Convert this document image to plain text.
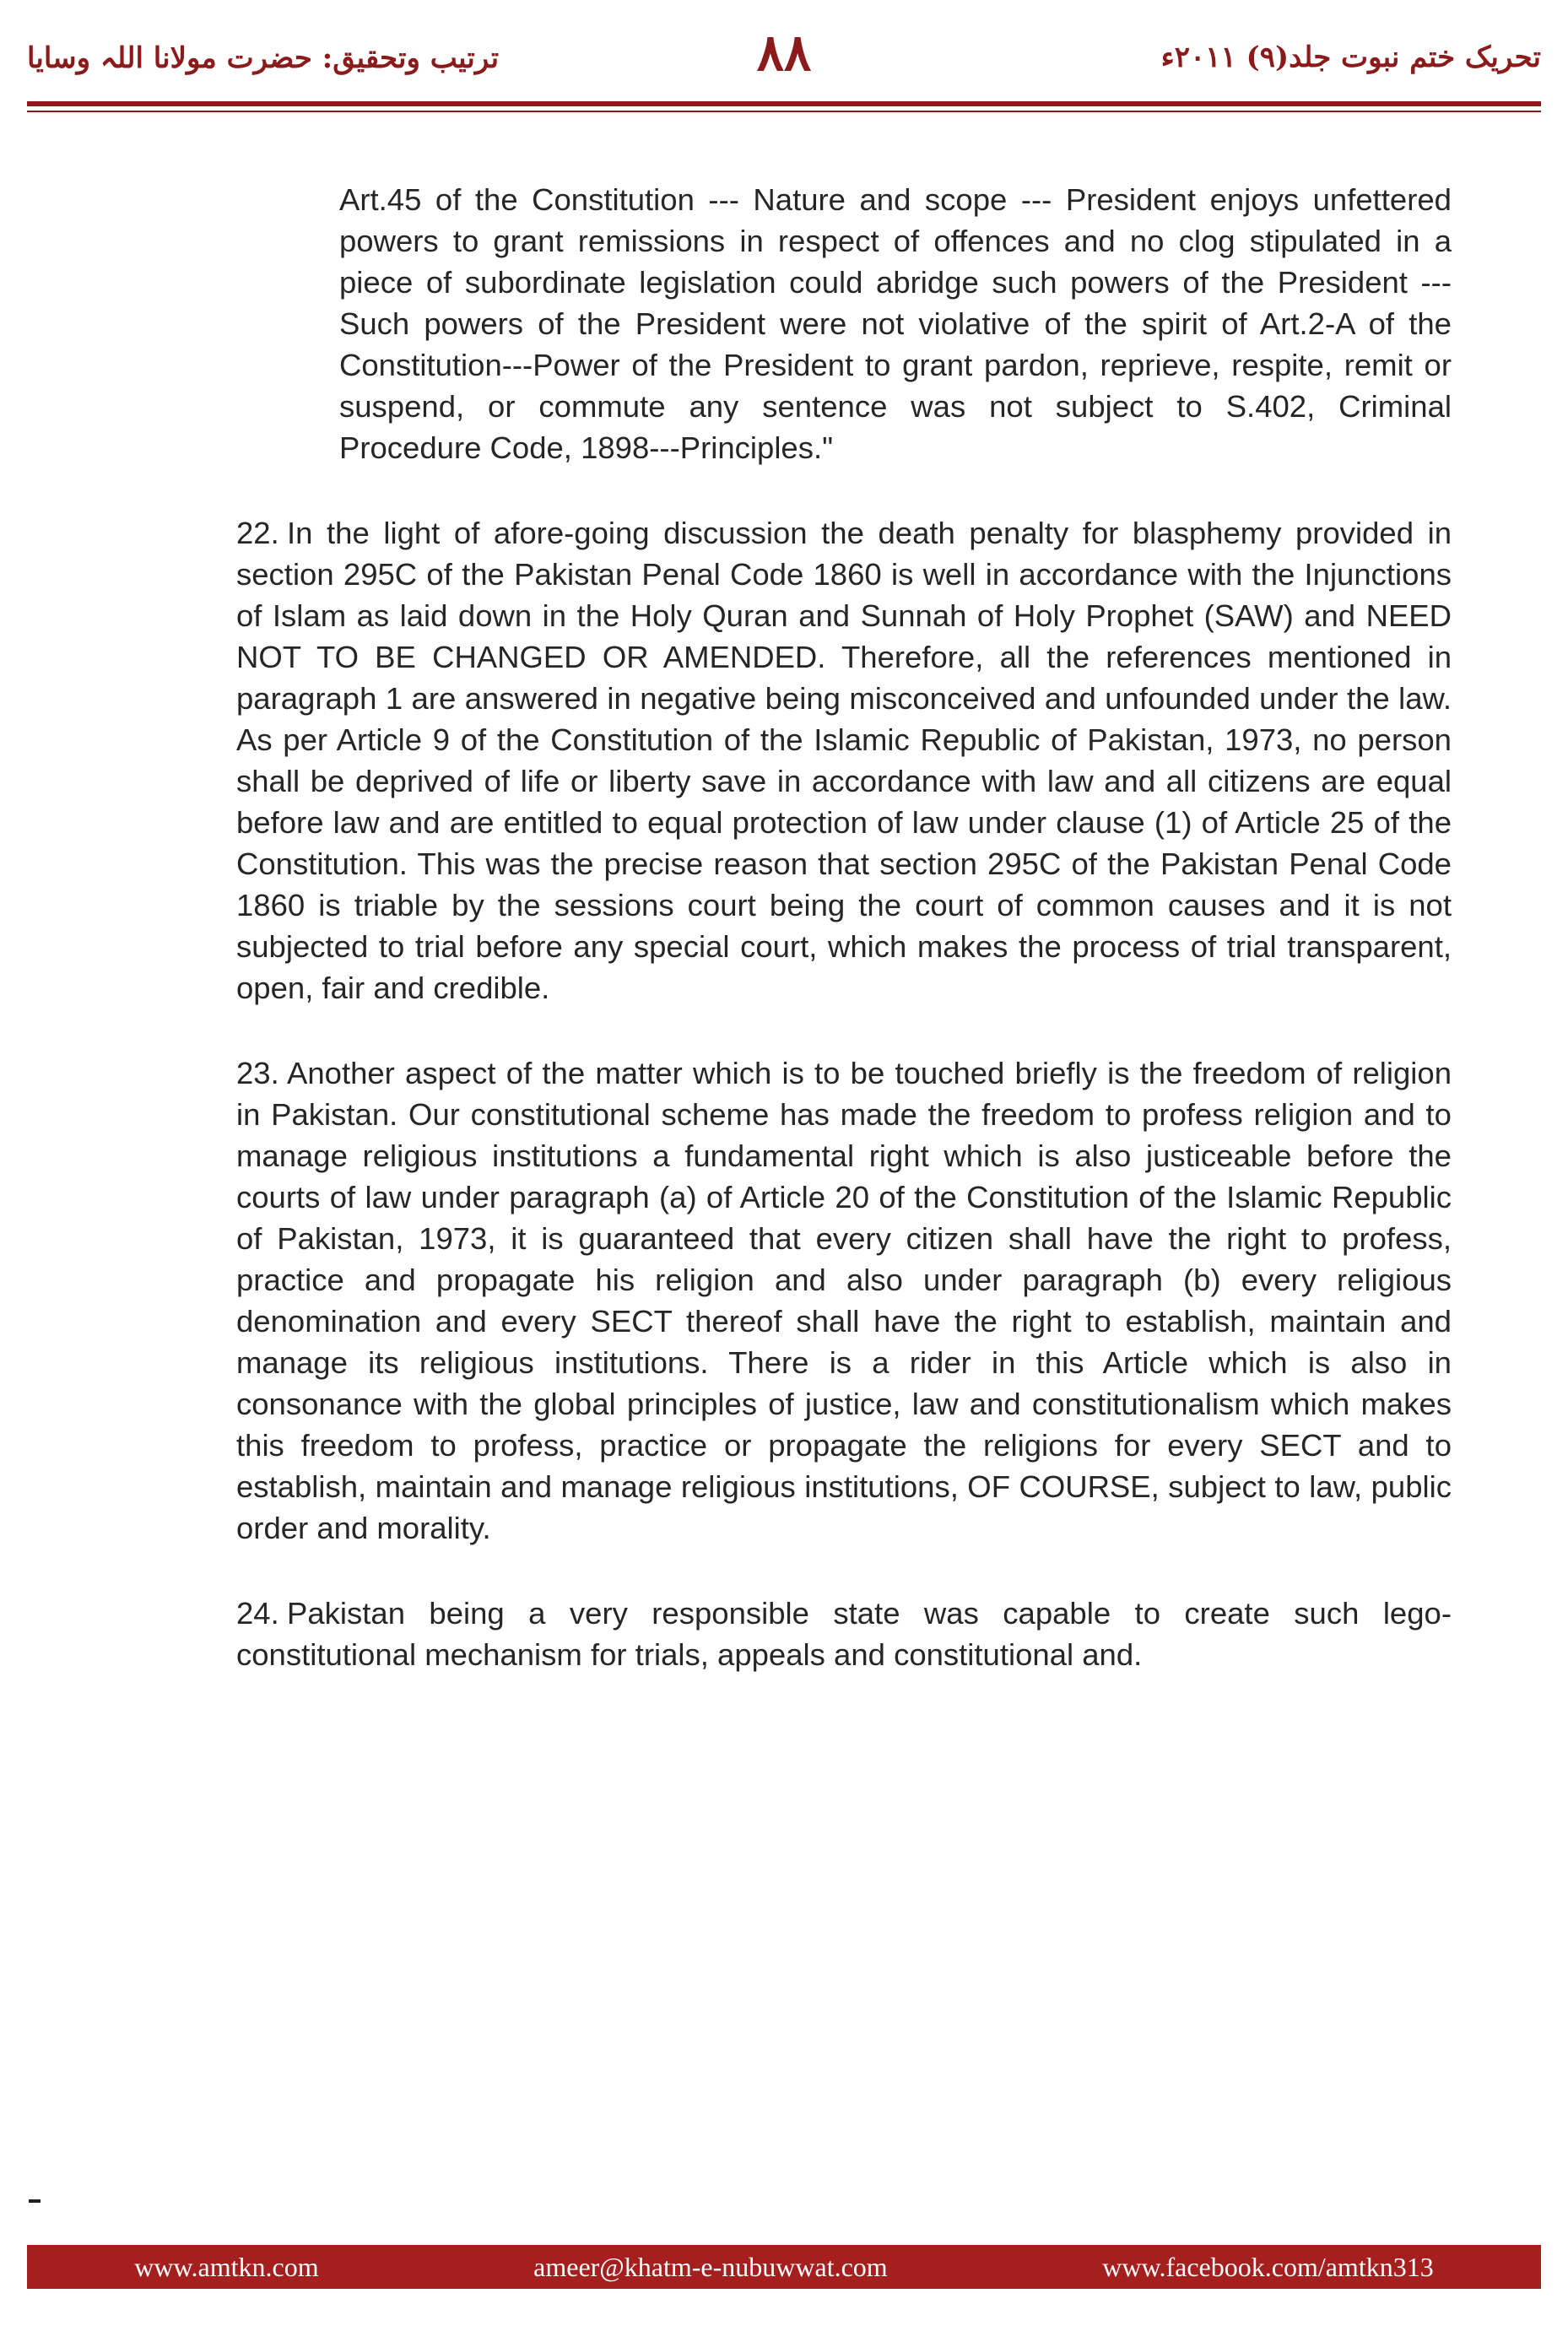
ترتیب وتحقیق: حضرت مولانا اللہ وسایا	۸۸	تحریک ختم نبوت جلد(۹) ۲۰۱۱ء
Art.45 of the Constitution --- Nature and scope --- President enjoys unfettered powers to grant remissions in respect of offences and no clog stipulated in a piece of subordinate legislation could abridge such powers of the President --- Such powers of the President were not violative of the spirit of Art.2-A of the Constitution---Power of the President to grant pardon, reprieve, respite, remit or suspend, or commute any sentence was not subject to S.402, Criminal Procedure Code, 1898---Principles."
22. In the light of afore-going discussion the death penalty for blasphemy provided in section 295C of the Pakistan Penal Code 1860 is well in accordance with the Injunctions of Islam as laid down in the Holy Quran and Sunnah of Holy Prophet (SAW) and NEED NOT TO BE CHANGED OR AMENDED. Therefore, all the references mentioned in paragraph 1 are answered in negative being misconceived and unfounded under the law. As per Article 9 of the Constitution of the Islamic Republic of Pakistan, 1973, no person shall be deprived of life or liberty save in accordance with law and all citizens are equal before law and are entitled to equal protection of law under clause (1) of Article 25 of the Constitution. This was the precise reason that section 295C of the Pakistan Penal Code 1860 is triable by the sessions court being the court of common causes and it is not subjected to trial before any special court, which makes the process of trial transparent, open, fair and credible.
23. Another aspect of the matter which is to be touched briefly is the freedom of religion in Pakistan. Our constitutional scheme has made the freedom to profess religion and to manage religious institutions a fundamental right which is also justiceable before the courts of law under paragraph (a) of Article 20 of the Constitution of the Islamic Republic of Pakistan, 1973, it is guaranteed that every citizen shall have the right to profess, practice and propagate his religion and also under paragraph (b) every religious denomination and every SECT thereof shall have the right to establish, maintain and manage its religious institutions. There is a rider in this Article which is also in consonance with the global principles of justice, law and constitutionalism which makes this freedom to profess, practice or propagate the religions for every SECT and to establish, maintain and manage religious institutions, OF COURSE, subject to law, public order and morality.
24. Pakistan being a very responsible state was capable to create such lego-constitutional mechanism for trials, appeals and constitutional and.
www.amtkn.com	ameer@khatm-e-nubuwwat.com	www.facebook.com/amtkn313
